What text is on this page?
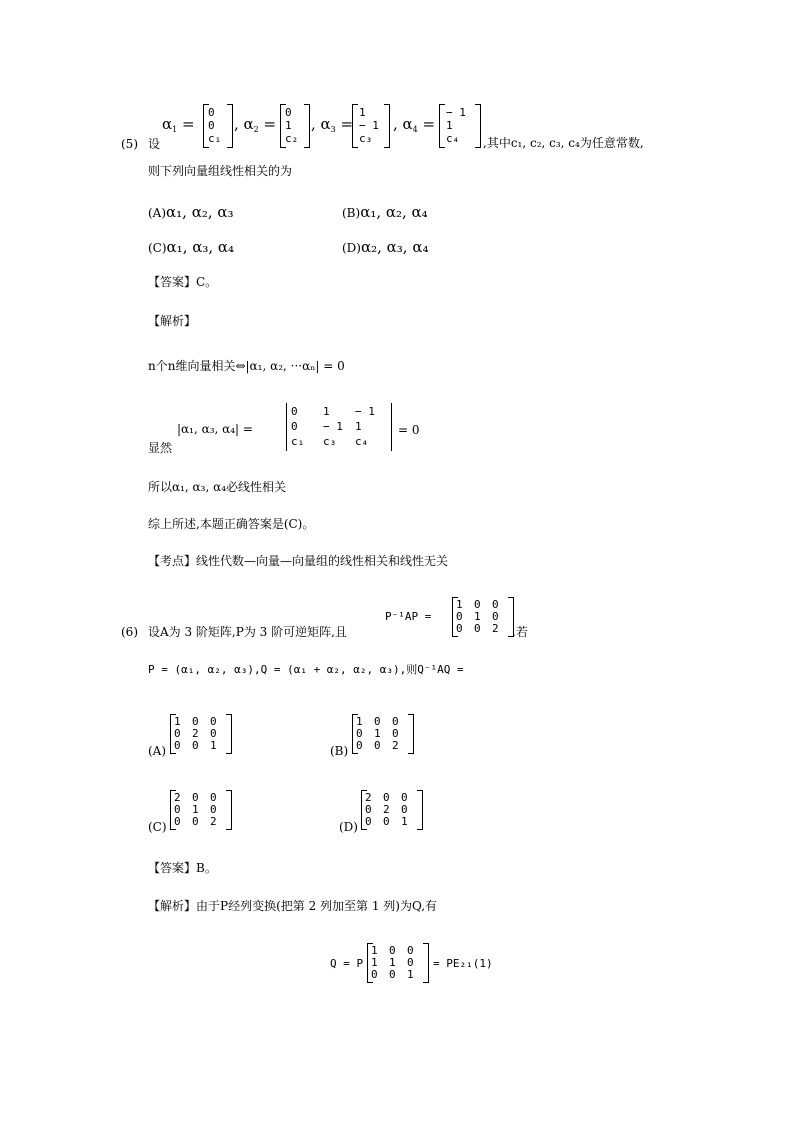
(5) 设
$\alpha_1$ =
0
0
c₁
, $\alpha_2$ =
0
1
c₂
, $\alpha_3$ =
1
− 1
c₃
, $\alpha_4$ =
− 1
1
c₄ ,其中c₁, c₂, c₃, c₄为任意常数,
则下列向量组线性相关的为
(A)α₁, α₂, α₃	(B)α₁, α₂, α₄
(C)α₁, α₃, α₄	(D)α₂, α₃, α₄
【答案】C。
【解析】
n个n维向量相关⇔|α₁, α₂, ···αₙ| = 0
显然
|α₁, α₃, α₄| =
0 1 − 1
0 − 1 1
c₁ c₃ c₄
= 0
所以α₁, α₃, α₄必线性相关
综上所述,本题正确答案是(C)。
【考点】线性代数—向量—向量组的线性相关和线性无关
P⁻¹AP =
1 0 0
0 1 0
0 0 2 .若
(6) 设A为 3 阶矩阵,P为 3 阶可逆矩阵,且
P = (α₁, α₂, α₃),Q = (α₁ + α₂, α₂, α₃),则Q⁻¹AQ =
(A)
1 0 0
0 2 0
0 0 1	(B)
1 0 0
0 1 0
0 0 2
(C)
2 0 0
0 1 0
0 0 2	(D)
2 0 0
0 2 0
0 0 1
【答案】B。
【解析】由于P经列变换(把第 2 列加至第 1 列)为Q,有
Q = P
1 0 0
1 1 0
0 0 1
= PE₂₁(1)
